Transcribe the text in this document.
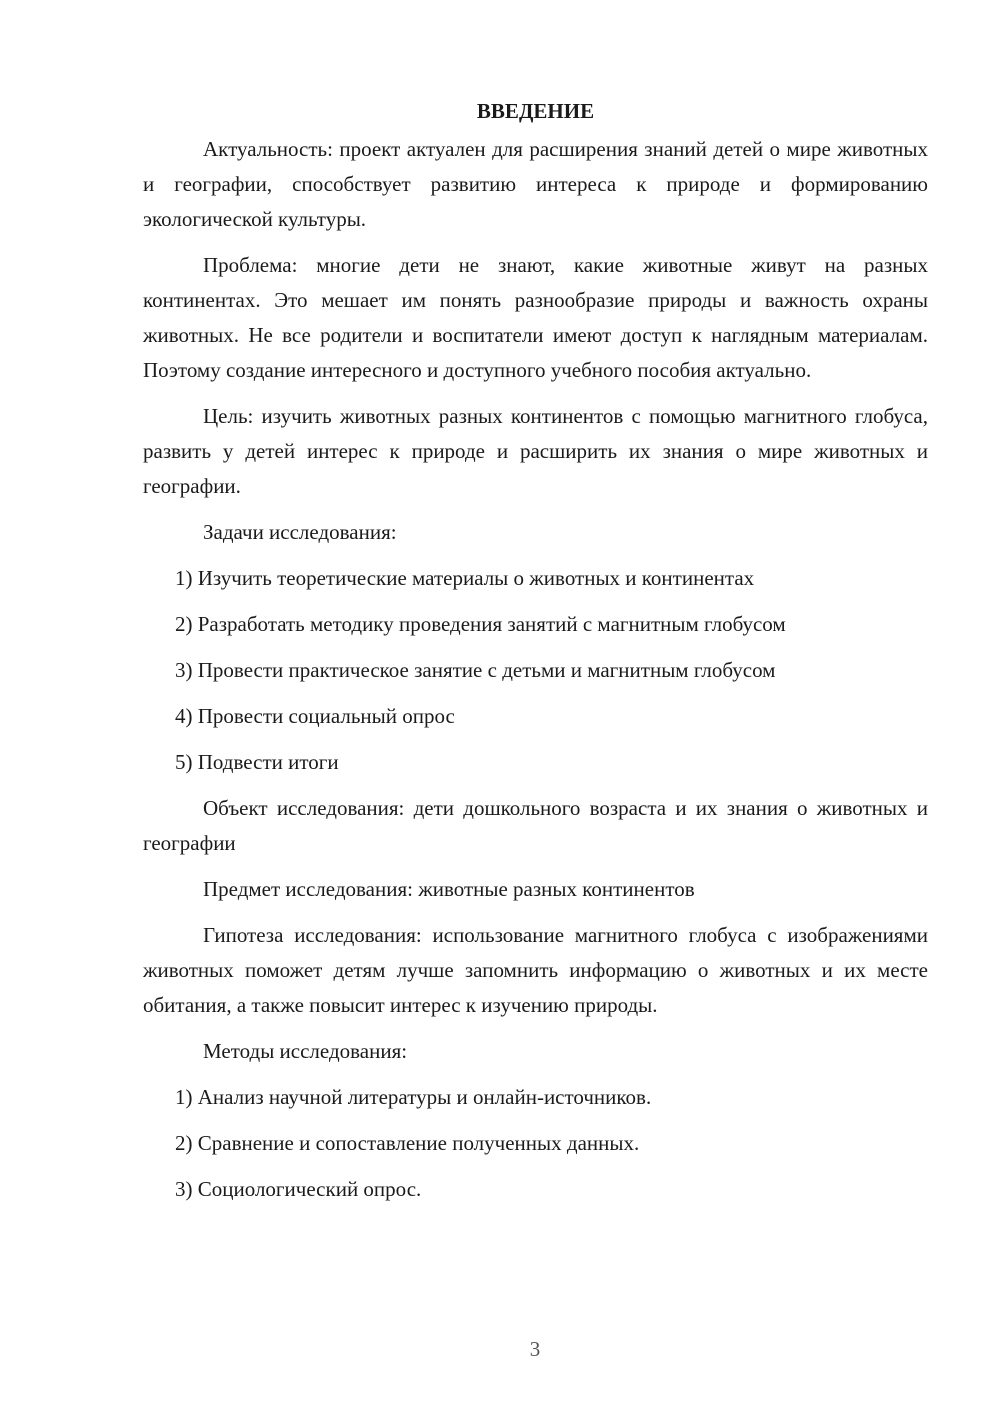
ВВЕДЕНИЕ

Актуальность: проект актуален для расширения знаний детей о мире животных и географии, способствует развитию интереса к природе и формированию экологической культуры.

Проблема: многие дети не знают, какие животные живут на разных континентах. Это мешает им понять разнообразие природы и важность охраны животных. Не все родители и воспитатели имеют доступ к наглядным материалам. Поэтому создание интересного и доступного учебного пособия актуально.

Цель: изучить животных разных континентов с помощью магнитного глобуса, развить у детей интерес к природе и расширить их знания о мире животных и географии.

Задачи исследования:

1) Изучить теоретические материалы о животных и континентах
2) Разработать методику проведения занятий с магнитным глобусом
3) Провести практическое занятие с детьми и магнитным глобусом
4) Провести социальный опрос
5) Подвести итоги

Объект исследования: дети дошкольного возраста и их знания о животных и географии

Предмет исследования: животные разных континентов

Гипотеза исследования: использование магнитного глобуса с изображениями животных поможет детям лучше запомнить информацию о животных и их месте обитания, а также повысит интерес к изучению природы.

Методы исследования:

1) Анализ научной литературы и онлайн-источников.
2) Сравнение и сопоставление полученных данных.
3) Социологический опрос.
3
